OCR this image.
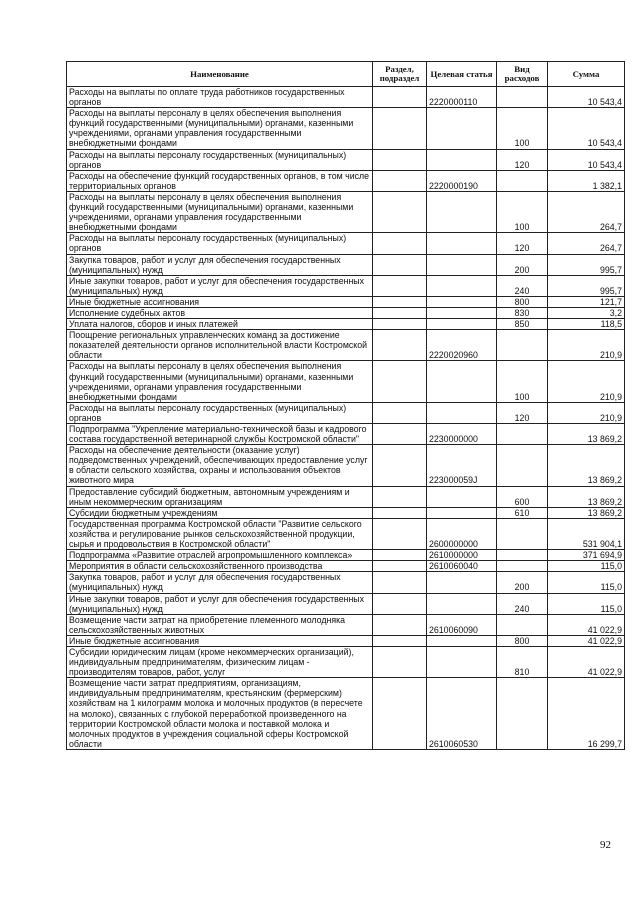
Наименование	Раздел, подраздел	Целевая статья	Вид расходов	Сумма
Расходы на выплаты по оплате труда работников государственных органов		2220000110		10 543,4
Расходы на выплаты персоналу в целях обеспечения выполнения функций государственными (муниципальными) органами, казенными учреждениями, органами управления государственными внебюджетными фондами			100	10 543,4
Расходы на выплаты персоналу государственных (муниципальных) органов			120	10 543,4
Расходы на обеспечение функций государственных органов, в том числе территориальных органов		2220000190		1 382,1
Расходы на выплаты персоналу в целях обеспечения выполнения функций государственными (муниципальными) органами, казенными учреждениями, органами управления государственными внебюджетными фондами			100	264,7
Расходы на выплаты персоналу государственных (муниципальных) органов			120	264,7
Закупка товаров, работ и услуг для обеспечения государственных (муниципальных) нужд			200	995,7
Иные закупки товаров, работ и услуг для обеспечения государственных (муниципальных) нужд			240	995,7
Иные бюджетные ассигнования			800	121,7
Исполнение судебных актов			830	3,2
Уплата налогов, сборов и иных платежей			850	118,5
Поощрение региональных управленческих команд за достижение показателей деятельности органов исполнительной власти Костромской области		2220020960		210,9
Расходы на выплаты персоналу в целях обеспечения выполнения функций государственными (муниципальными) органами, казенными учреждениями, органами управления государственными внебюджетными фондами			100	210,9
Расходы на выплаты персоналу государственных (муниципальных) органов			120	210,9
Подпрограмма "Укрепление материально-технической базы и кадрового состава государственной ветеринарной службы Костромской области"		2230000000		13 869,2
Расходы на обеспечение деятельности (оказание услуг) подведомственных учреждений, обеспечивающих предоставление услуг в области сельского хозяйства, охраны и использования объектов животного мира		223000059J		13 869,2
Предоставление субсидий бюджетным, автономным учреждениям и иным некоммерческим организациям			600	13 869,2
Субсидии бюджетным учреждениям			610	13 869,2
Государственная программа Костромской области "Развитие сельского хозяйства и регулирование рынков сельскохозяйственной продукции, сырья и продовольствия в Костромской области"		2600000000		531 904,1
Подпрограмма «Развитие отраслей агропромышленного комплекса»		2610000000		371 694,9
Мероприятия в области сельскохозяйственного производства		2610060040		115,0
Закупка товаров, работ и услуг для обеспечения государственных (муниципальных) нужд			200	115,0
Иные закупки товаров, работ и услуг для обеспечения государственных (муниципальных) нужд			240	115,0
Возмещение части затрат на приобретение племенного молодняка сельскохозяйственных животных		2610060090		41 022,9
Иные бюджетные ассигнования			800	41 022,9
Субсидии юридическим лицам (кроме некоммерческих организаций), индивидуальным предпринимателям, физическим лицам - производителям товаров, работ, услуг			810	41 022,9
Возмещение части затрат предприятиям, организациям, индивидуальным предпринимателям, крестьянским (фермерским) хозяйствам на 1 килограмм молока и молочных продуктов (в пересчете на молоко), связанных с глубокой переработкой произведенного на территории Костромской области молока и поставкой молока и молочных продуктов в учреждения социальной сферы Костромской области		2610060530		16 299,7
92
